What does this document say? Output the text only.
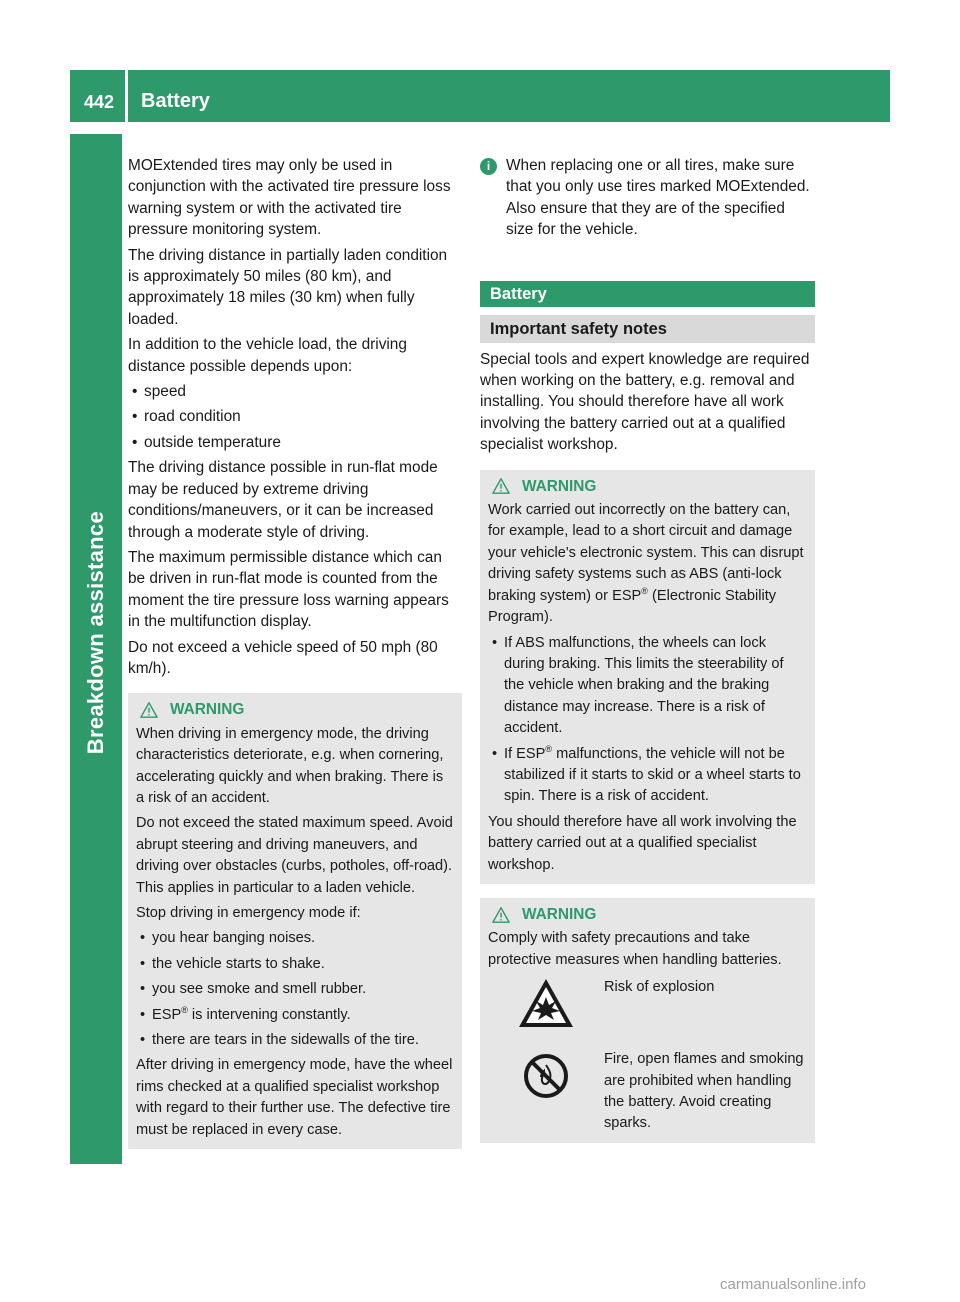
442 Battery
Breakdown assistance

MOExtended tires may only be used in conjunction with the activated tire pressure loss warning system or with the activated tire pressure monitoring system.

The driving distance in partially laden condition is approximately 50 miles (80 km), and approximately 18 miles (30 km) when fully loaded.

In addition to the vehicle load, the driving distance possible depends upon:

• speed
• road condition
• outside temperature

The driving distance possible in run-flat mode may be reduced by extreme driving conditions/maneuvers, or it can be increased through a moderate style of driving.

The maximum permissible distance which can be driven in run-flat mode is counted from the moment the tire pressure loss warning appears in the multifunction display.

Do not exceed a vehicle speed of 50 mph (80 km/h).

WARNING

When driving in emergency mode, the driving characteristics deteriorate, e.g. when cornering, accelerating quickly and when braking. There is a risk of an accident.

Do not exceed the stated maximum speed. Avoid abrupt steering and driving maneuvers, and driving over obstacles (curbs, potholes, off-road). This applies in particular to a laden vehicle.

Stop driving in emergency mode if:

• you hear banging noises.
• the vehicle starts to shake.
• you see smoke and smell rubber.
• ESP® is intervening constantly.
• there are tears in the sidewalls of the tire.

After driving in emergency mode, have the wheel rims checked at a qualified specialist workshop with regard to their further use. The defective tire must be replaced in every case.

i	When replacing one or all tires, make sure that you only use tires marked MOExtended. Also ensure that they are of the specified size for the vehicle.
Battery
Important safety notes

Special tools and expert knowledge are required when working on the battery, e.g. removal and installing. You should therefore have all work involving the battery carried out at a qualified specialist workshop.

WARNING

Work carried out incorrectly on the battery can, for example, lead to a short circuit and damage your vehicle's electronic system. This can disrupt driving safety systems such as ABS (anti-lock braking system) or ESP® (Electronic Stability Program).

• If ABS malfunctions, the wheels can lock during braking. This limits the steerability of the vehicle when braking and the braking distance may increase. There is a risk of accident.
• If ESP® malfunctions, the vehicle will not be stabilized if it starts to skid or a wheel starts to spin. There is a risk of accident.

You should therefore have all work involving the battery carried out at a qualified specialist workshop.

WARNING

Comply with safety precautions and take protective measures when handling batteries.

Risk of explosion
Fire, open flames and smoking are prohibited when handling the battery. Avoid creating sparks.
carmanualsonline.info
